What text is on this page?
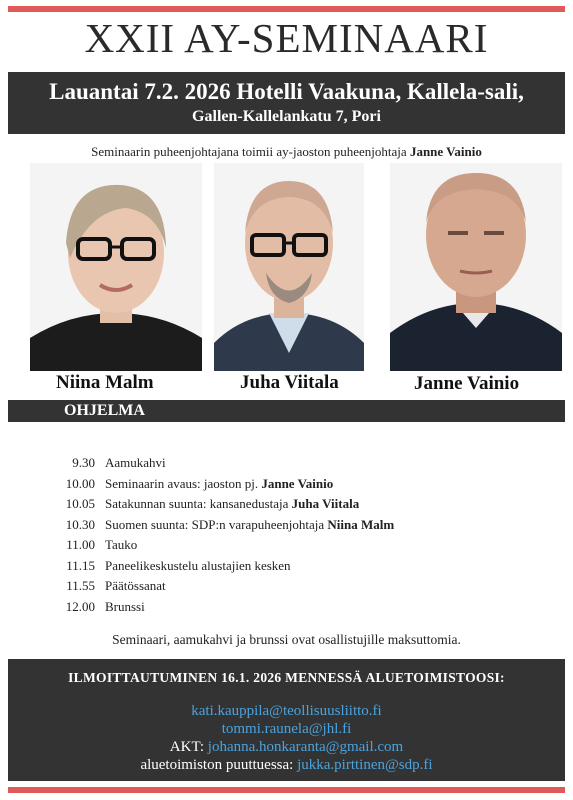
XXII AY-SEMINAARI
Lauantai 7.2. 2026 Hotelli Vaakuna, Kallela-sali,
Gallen-Kallelankatu 7, Pori
Seminaarin puheenjohtajana toimii ay-jaoston puheenjohtaja Janne Vainio
Niina Malm	Juha Viitala	Janne Vainio
OHJELMA
9.30 Aamukahvi
10.00 Seminaarin avaus: jaoston pj. Janne Vainio
10.05 Satakunnan suunta: kansanedustaja Juha Viitala
10.30 Suomen suunta: SDP:n varapuheenjohtaja Niina Malm
11.00 Tauko
11.15 Paneelikeskustelu alustajien kesken
11.55 Päätössanat
12.00 Brunssi
Seminaari, aamukahvi ja brunssi ovat osallistujille maksuttomia.
ILMOITTAUTUMINEN 16.1. 2026 MENNESSÄ ALUETOIMISTOOSI:
kati.kauppila@teollisuusliitto.fi
tommi.raunela@jhl.fi
AKT: johanna.honkaranta@gmail.com
aluetoimiston puuttuessa: jukka.pirttinen@sdp.fi
